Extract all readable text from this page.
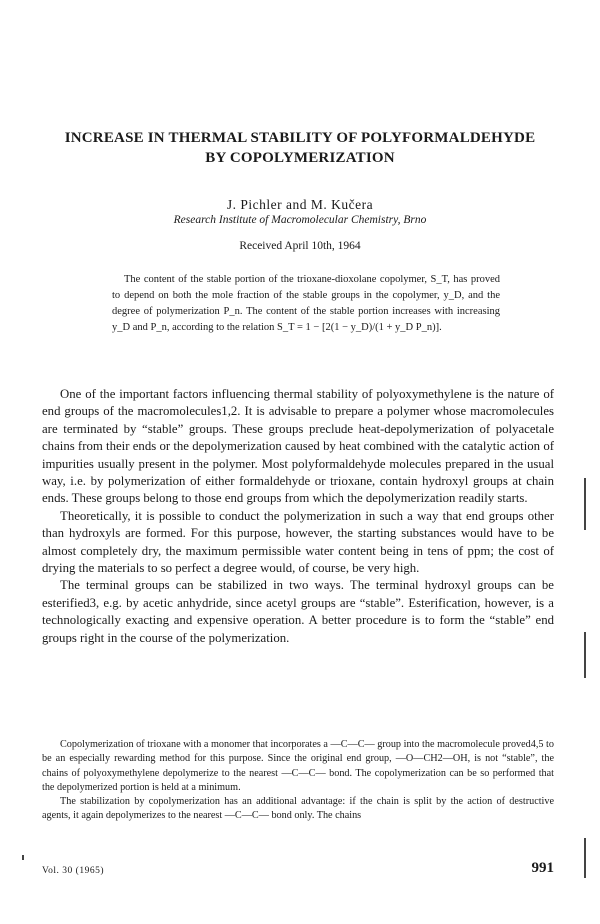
INCREASE IN THERMAL STABILITY OF POLYFORMALDEHYDE
BY COPOLYMERIZATION
J. Pichler and M. Kučera
Research Institute of Macromolecular Chemistry, Brno
Received April 10th, 1964

The content of the stable portion of the trioxane-dioxolane copolymer, S_T, has proved to depend on both the mole fraction of the stable groups in the copolymer, y_D, and the degree of polymerization P_n. The content of the stable portion increases with increasing y_D and P_n, according to the relation S_T = 1 − [2(1 − y_D)/(1 + y_D P_n)].

One of the important factors influencing thermal stability of polyoxymethylene is the nature of end groups of the macromolecules1,2. It is advisable to prepare a polymer whose macromolecules are terminated by “stable” groups. These groups preclude heat-depolymerization of polyacetale chains from their ends or the depolymerization caused by heat combined with the catalytic action of impurities usually present in the polymer. Most polyformaldehyde molecules prepared in the usual way, i.e. by polymerization of either formaldehyde or trioxane, contain hydroxyl groups at chain ends. These groups belong to those end groups from which the depolymerization readily starts.

Theoretically, it is possible to conduct the polymerization in such a way that end groups other than hydroxyls are formed. For this purpose, however, the starting substances would have to be almost completely dry, the maximum permissible water content being in tens of ppm; the cost of drying the materials to so perfect a degree would, of course, be very high.

The terminal groups can be stabilized in two ways. The terminal hydroxyl groups can be esterified3, e.g. by acetic anhydride, since acetyl groups are “stable”. Esterification, however, is a technologically exacting and expensive operation. A better procedure is to form the “stable” end groups right in the course of the polymerization.

Copolymerization of trioxane with a monomer that incorporates a —C—C— group into the macromolecule proved4,5 to be an especially rewarding method for this purpose. Since the original end group, —O—CH2—OH, is not “stable”, the chains of polyoxymethylene depolymerize to the nearest —C—C— bond. The copolymerization can be so performed that the depolymerized portion is held at a minimum.

The stabilization by copolymerization has an additional advantage: if the chain is split by the action of destructive agents, it again depolymerizes to the nearest —C—C— bond only. The chains

Vol. 30 (1965)	991
